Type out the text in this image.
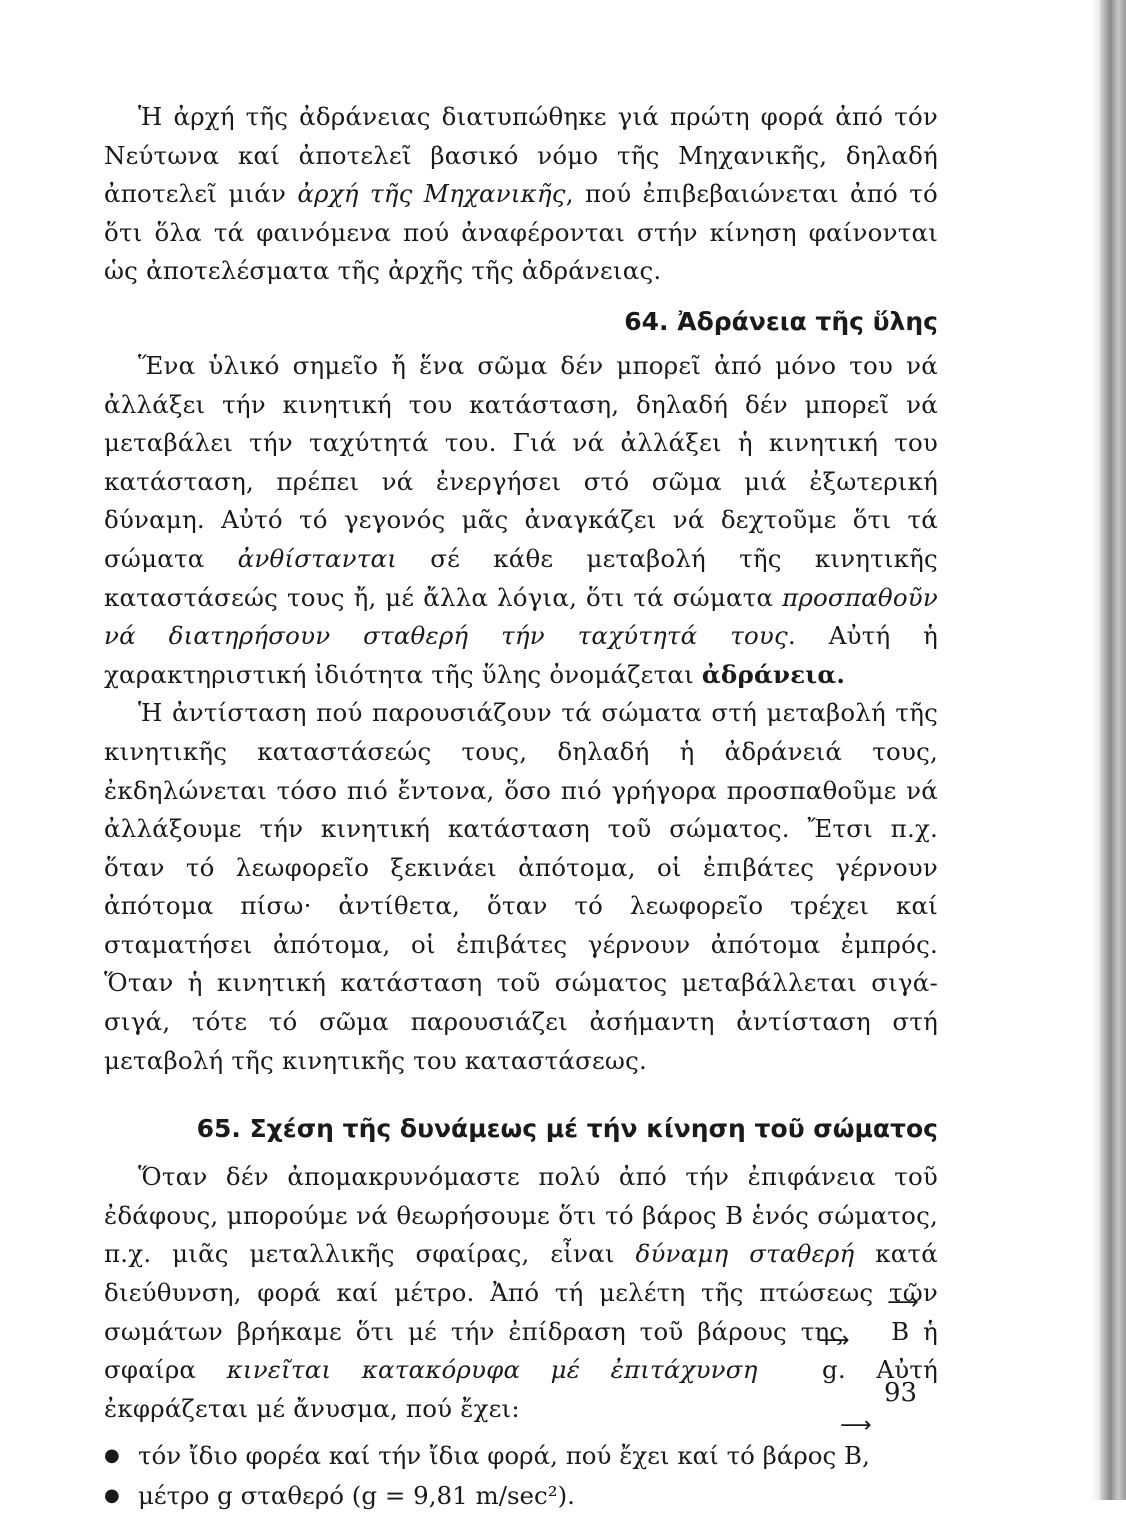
Ἡ ἀρχή τῆς ἀδράνειας διατυπώθηκε γιά πρώτη φορά ἀπό τόν Νεύτωνα καί ἀποτελεῖ βασικό νόμο τῆς Μηχανικῆς, δηλαδή ἀποτελεῖ μιάν ἀρχή τῆς Μηχανικῆς, πού ἐπιβεβαιώνεται ἀπό τό ὅτι ὅλα τά φαινόμενα πού ἀναφέρονται στήν κίνηση φαίνονται ὡς ἀποτελέσματα τῆς ἀρχῆς τῆς ἀδράνειας.

64. Ἀδράνεια τῆς ὕλης

Ἕνα ὑλικό σημεῖο ἤ ἕνα σῶμα δέν μπορεῖ ἀπό μόνο του νά ἀλλάξει τήν κινητική του κατάσταση, δηλαδή δέν μπορεῖ νά μεταβάλει τήν ταχύτητά του. Γιά νά ἀλλάξει ἡ κινητική του κατάσταση, πρέπει νά ἐνεργήσει στό σῶμα μιά ἐξωτερική δύναμη. Αὐτό τό γεγονός μᾶς ἀναγκάζει νά δεχτοῦμε ὅτι τά σώματα ἀνθίστανται σέ κάθε μεταβολή τῆς κινητικῆς καταστάσεώς τους ἤ, μέ ἄλλα λόγια, ὅτι τά σώματα προσπαθοῦν νά διατηρήσουν σταθερή τήν ταχύτητά τους. Αὐτή ἡ χαρακτηριστική ἰδιότητα τῆς ὕλης ὀνομάζεται ἀδράνεια.

Ἡ ἀντίσταση πού παρουσιάζουν τά σώματα στή μεταβολή τῆς κινητικῆς καταστάσεώς τους, δηλαδή ἡ ἀδράνειά τους, ἐκδηλώνεται τόσο πιό ἔντονα, ὅσο πιό γρήγορα προσπαθοῦμε νά ἀλλάξουμε τήν κινητική κατάσταση τοῦ σώματος. Ἔτσι π.χ. ὅταν τό λεωφορεῖο ξεκινάει ἀπότομα, οἱ ἐπιβάτες γέρνουν ἀπότομα πίσω· ἀντίθετα, ὅταν τό λεωφορεῖο τρέχει καί σταματήσει ἀπότομα, οἱ ἐπιβάτες γέρνουν ἀπότομα ἐμπρός. Ὅταν ἡ κινητική κατάσταση τοῦ σώματος μεταβάλλεται σιγά-σιγά, τότε τό σῶμα παρουσιάζει ἀσήμαντη ἀντίσταση στή μεταβολή τῆς κινητικῆς του καταστάσεως.

65. Σχέση τῆς δυνάμεως μέ τήν κίνηση τοῦ σώματος

Ὅταν δέν ἀπομακρυνόμαστε πολύ ἀπό τήν ἐπιφάνεια τοῦ ἐδάφους, μπορούμε νά θεωρήσουμε ὅτι τό βάρος Β ἑνός σώματος, π.χ. μιᾶς μεταλλικῆς σφαίρας, εἶναι δύναμη σταθερή κατά διεύθυνση, φορά καί μέτρο. Ἀπό τή μελέτη τῆς πτώσεως τῶν σωμάτων βρήκαμε ὅτι μέ τήν ἐπίδραση τοῦ βάρους της ⟶ B ἡ σφαίρα κινεῖται κατακόρυφα μέ ἐπιτάχυνση ⟶	g. Αὐτή ἐκφράζεται μέ ἄνυσμα, πού ἔχει:

● τόν ἴδιο φορέα καί τήν ἴδια φορά, πού ἔχει καί τό βάρος ⟶ B,
● μέτρο g σταθερό (g = 9,81 m/sec²).
93
